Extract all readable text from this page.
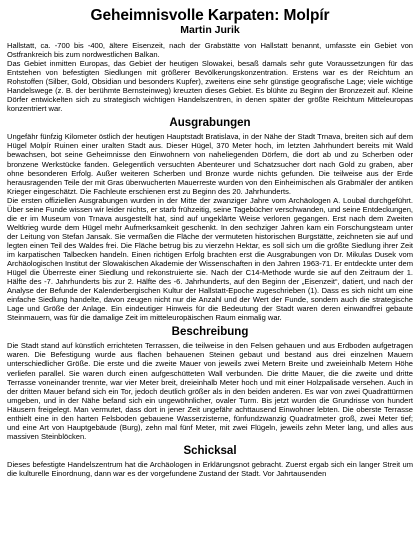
Geheimnisvolle Karpaten: Molpír
Martin Jurik

Hallstatt, ca. -700 bis -400, ältere Eisenzeit, nach der Grabstätte von Hallstatt benannt, umfasste ein Gebiet von Ostfrankreich bis zum nordwestlichen Balkan.

Das Gebiet inmitten Europas, das Gebiet der heutigen Slowakei, besaß damals sehr gute Voraussetzungen für das Entstehen von befestigten Siedlungen mit größerer Bevölkerungskonzentration. Erstens war es der Reichtum an Rohstoffen (Silber, Gold, Obsidian und besonders Kupfer), zweitens eine sehr günstige geografische Lage; viele wichtige Handelswege (z. B. der berühmte Bernsteinweg) kreuzten dieses Gebiet. Es blühte zu Beginn der Bronzezeit auf. Kleine Dörfer entwickelten sich zu strategisch wichtigen Handelszentren, in denen später der größte Reichtum Mitteleuropas konzentriert war.

Ausgrabungen

Ungefähr fünfzig Kilometer östlich der heutigen Hauptstadt Bratislava, in der Nähe der Stadt Trnava, breiten sich auf dem Hügel Molpír Ruinen einer uralten Stadt aus. Dieser Hügel, 370 Meter hoch, im letzten Jahrhundert bereits mit Wald bewachsen, bot seine Geheimnisse den Einwohnern von naheliegenden Dörfern, die dort ab und zu Scherben oder bronzene Werkstücke fanden. Gelegentlich versuchten Abenteurer und Schatzsucher dort nach Gold zu graben, aber ohne besonderen Erfolg. Außer weiteren Scherben und Bronze wurde nichts gefunden. Die teilweise aus der Erde herausragenden Teile der mit Gras überwucherten Mauerreste wurden von den Einheimischen als Grabmäler der antiken Krieger eingeschätzt. Die Fachleute erschienen erst zu Beginn des 20. Jahrhunderts.

Die ersten offiziellen Ausgrabungen wurden in der Mitte der zwanziger Jahre vom Archäologen A. Loubal durchgeführt. Über seine Funde wissen wir leider nichts, er starb frühzeitig, seine Tagebücher verschwanden, und seine Entdeckungen, die er im Museum von Trnava ausgestellt hat, sind auf ungeklärte Weise verloren gegangen. Erst nach dem Zweiten Weltkrieg wurde dem Hügel mehr Aufmerksamkeit geschenkt. In den sechziger Jahren kam ein Forschungsteam unter der Leitung von Stefan Jansak. Sie vermaßen die Fläche der vermuteten historischen Burgstätte, zeichneten sie auf und legten einen Teil des Waldes frei. Die Fläche betrug bis zu vierzehn Hektar, es soll sich um die größte Siedlung ihrer Zeit im karpatischen Talbecken handeln. Einen richtigen Erfolg brachten erst die Ausgrabungen von Dr. Mikulas Dusek vom Archäologischen Institut der Slowakischen Akademie der Wissenschaften in den Jahren 1963-71. Er entdeckte unter dem Hügel die Überreste einer Siedlung und rekonstruierte sie. Nach der C14-Methode wurde sie auf den Zeitraum der 1. Hälfte des -7. Jahrhunderts bis zur 2. Hälfte des -6. Jahrhunderts, auf den Beginn der „Eisenzeit“, datiert, und nach der Analyse der Befunde der Kalenderbergischen Kultur der Hallstatt-Epoche zugeschrieben (1). Dass es sich nicht um eine einfache Siedlung handelte, davon zeugen nicht nur die Anzahl und der Wert der Funde, sondern auch die strategische Lage und Größe der Anlage. Ein eindeutiger Hinweis für die Bedeutung der Stadt waren deren einwandfrei gebaute Steinmauern, was für die damalige Zeit im mitteleuropäischen Raum einmalig war.

Beschreibung

Die Stadt stand auf künstlich errichteten Terrassen, die teilweise in den Felsen gehauen und aus Erdboden aufgetragen waren. Die Befestigung wurde aus flachen behauenen Steinen gebaut und bestand aus drei einzelnen Mauern unterschiedlicher Größe. Die erste und die zweite Mauer von jeweils zwei Metern Breite und zweieinhalb Metern Höhe verliefen parallel. Sie waren durch einen aufgeschütteten Wall verbunden. Die dritte Mauer, die die zweite und dritte Terrasse voneinander trennte, war vier Meter breit, dreieinhalb Meter hoch und mit einer Holzpalisade versehen. Auch in der dritten Mauer befand sich ein Tor, jedoch deutlich größer als in den beiden anderen. Es war von zwei Quadrattürmen umgeben, und in der Nähe befand sich ein ungewöhnlicher, ovaler Turm. Bis jetzt wurden die Grundrisse von hundert Häusern freigelegt. Man vermutet, dass dort in jener Zeit ungefähr achttausend Einwohner lebten. Die oberste Terrasse enthielt eine in den harten Felsboden gebauene Wasserzisterne, fünfundzwanzig Quadratmeter groß, zwei Meter tief; und eine Art von Hauptgebäude (Burg), zehn mal fünf Meter, mit zwei Flügeln, jeweils zehn Meter lang, und alles aus massiven Steinblöcken.

Schicksal

Dieses befestigte Handelszentrum hat die Archäologen in Erklärungsnot gebracht. Zuerst ergab sich ein langer Streit um die kulturelle Einordnung, dann war es der vorgefundene Zustand der Stadt. Vor Jahrtausenden
